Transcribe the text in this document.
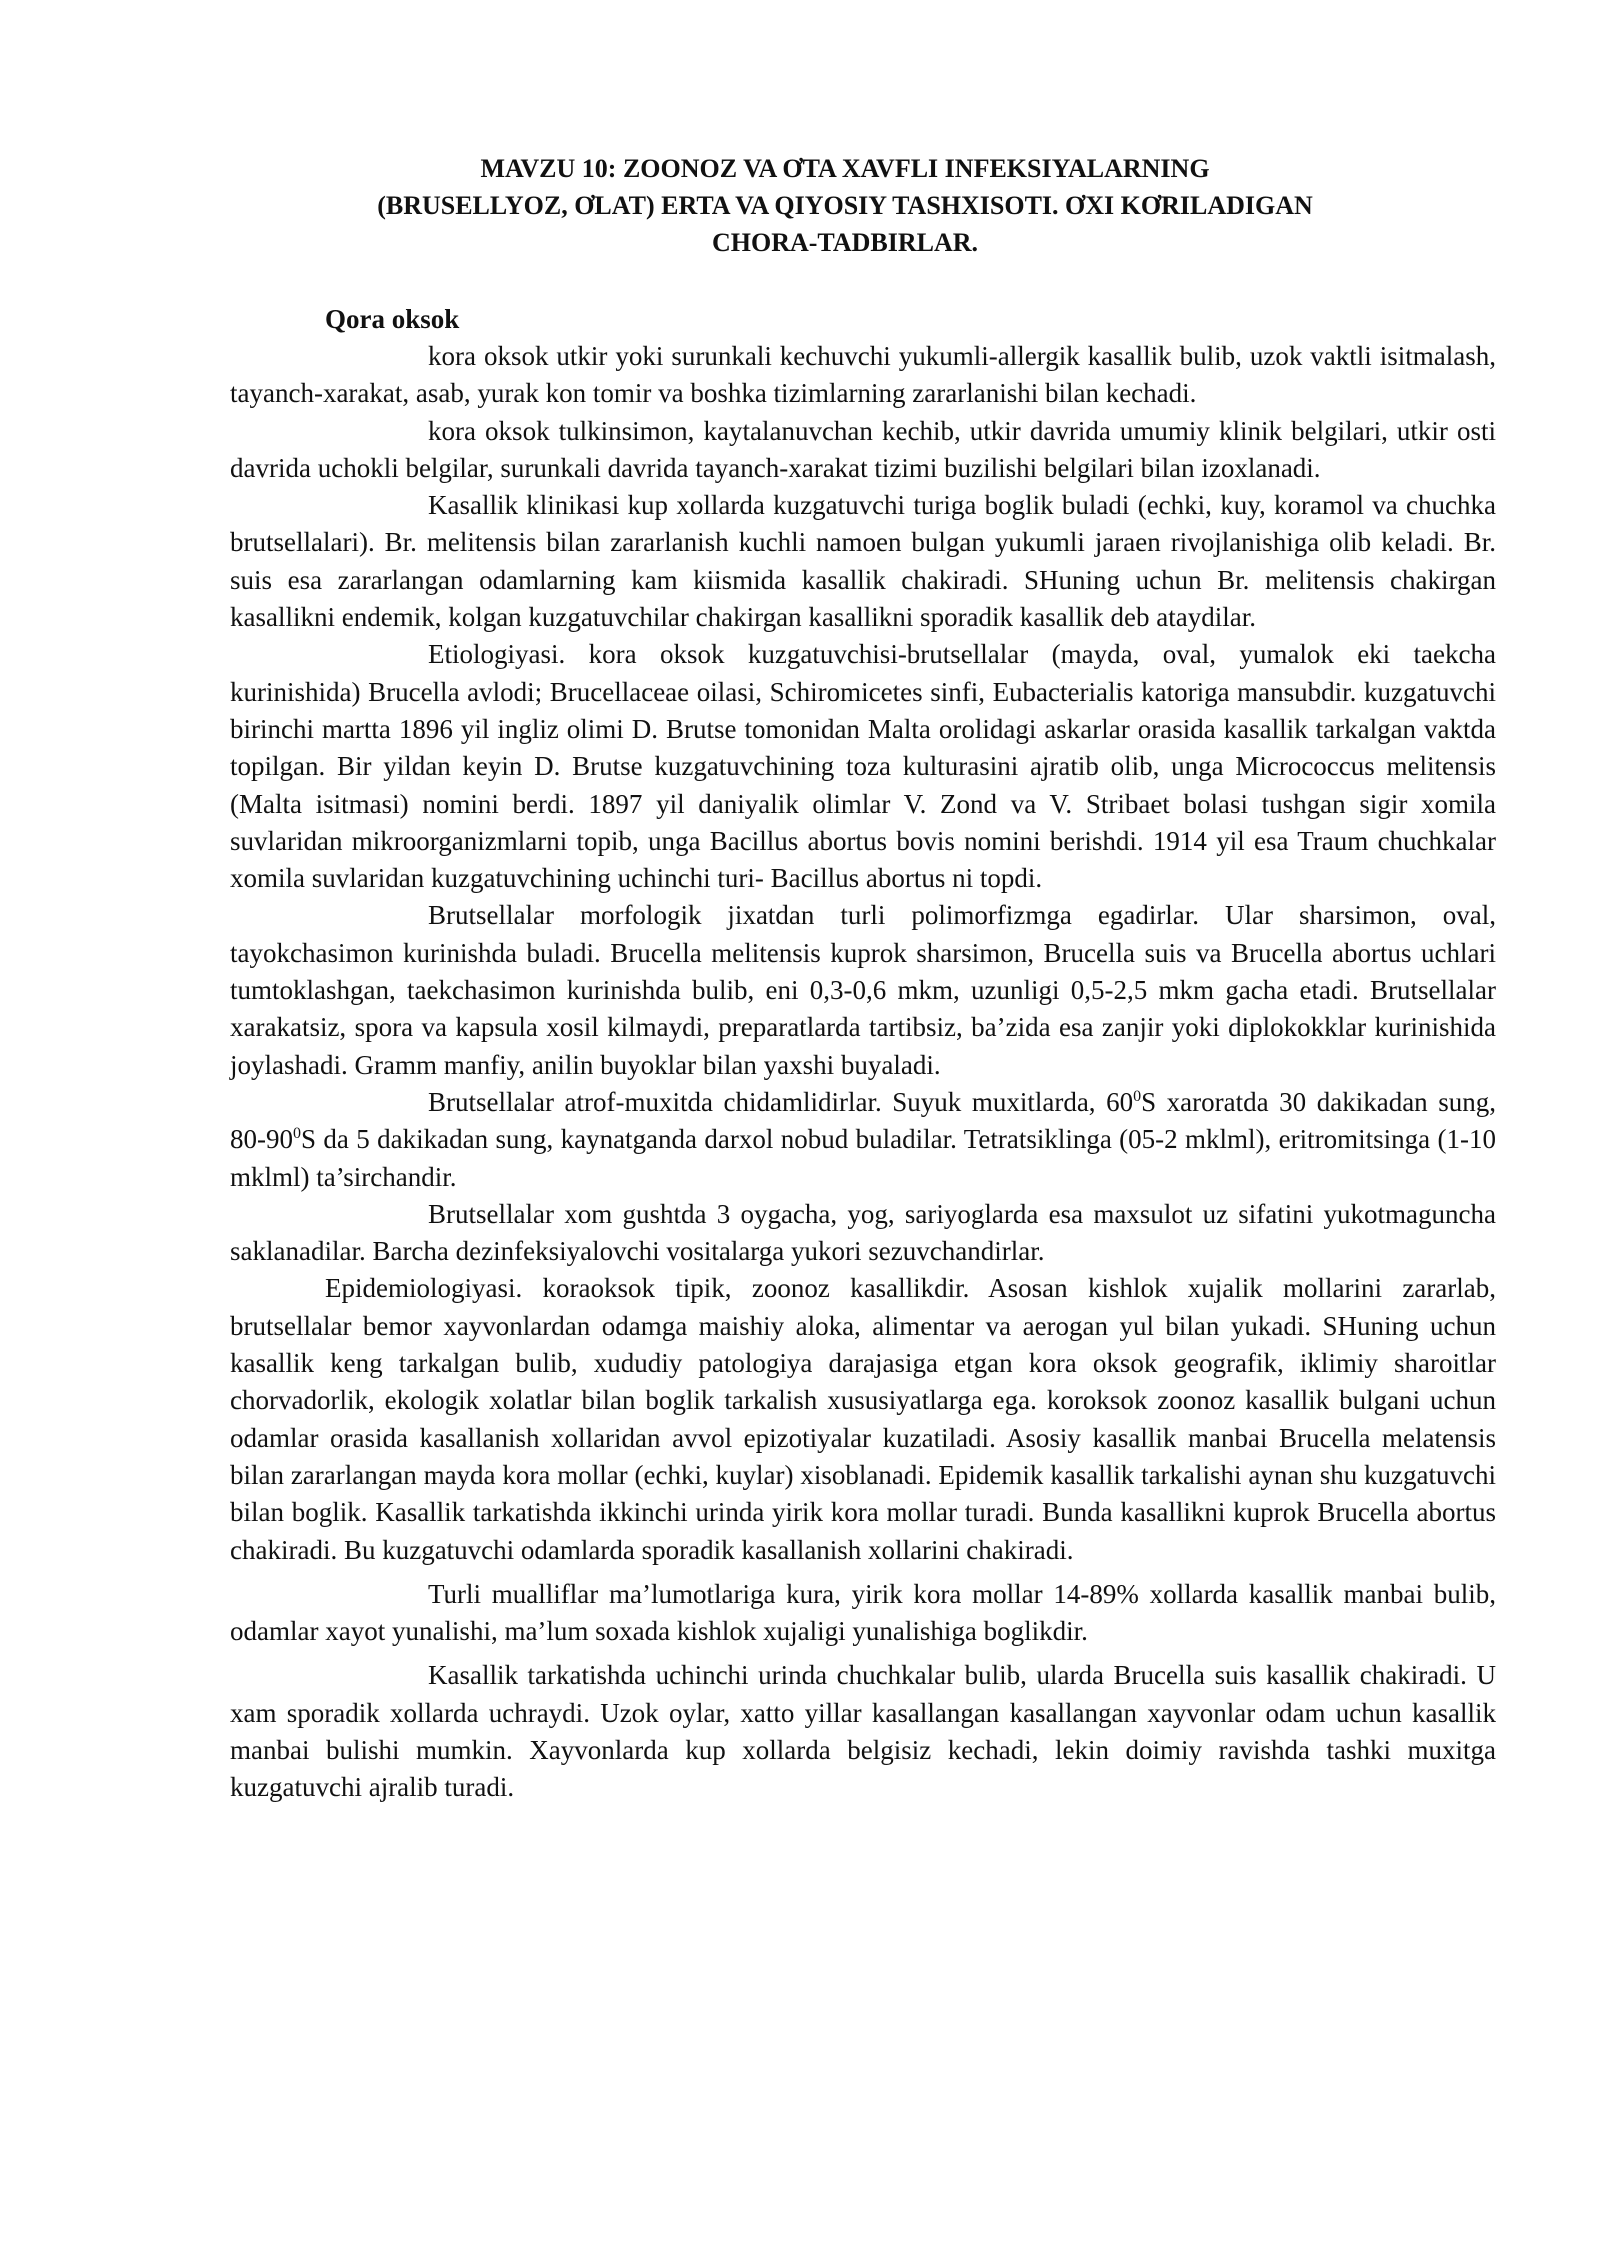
MAVZU 10: ZOONOZ VA ƠTA XAVFLI INFEKSIYALARNING
(BRUSELLYOZ, ƠLAT) ERTA VA QIYOSIY TASHXISOTI. ƠXI KƠRILADIGAN
CHORA-TADBIRLAR.
Qora oksok

kora oksok utkir yoki surunkali kechuvchi yukumli-allergik kasallik bulib, uzok vaktli isitmalash, tayanch-xarakat, asab, yurak kon tomir va boshka tizimlarning zararlanishi bilan kechadi.

kora oksok tulkinsimon, kaytalanuvchan kechib, utkir davrida umumiy klinik belgilari, utkir osti davrida uchokli belgilar, surunkali davrida tayanch-xarakat tizimi buzilishi belgilari bilan izoxlanadi.

Kasallik klinikasi kup xollarda kuzgatuvchi turiga boglik buladi (echki, kuy, koramol va chuchka brutsellalari). Br. melitensis bilan zararlanish kuchli namoen bulgan yukumli jaraen rivojlanishiga olib keladi. Br. suis esa zararlangan odamlarning kam kiismida kasallik chakiradi. SHuning uchun Br. melitensis chakirgan kasallikni endemik, kolgan kuzgatuvchilar chakirgan kasallikni sporadik kasallik deb ataydilar.

Etiologiyasi. kora oksok kuzgatuvchisi-brutsellalar (mayda, oval, yumalok eki taekcha kurinishida) Brucella avlodi; Brucellaceae oilasi, Schiromicetes sinfi, Eubacterialis katoriga mansubdir. kuzgatuvchi birinchi martta 1896 yil ingliz olimi D. Brutse tomonidan Malta orolidagi askarlar orasida kasallik tarkalgan vaktda topilgan. Bir yildan keyin D. Brutse kuzgatuvchining toza kulturasini ajratib olib, unga Micrococcus melitensis (Malta isitmasi) nomini berdi. 1897 yil daniyalik olimlar V. Zond va V. Stribaet bolasi tushgan sigir xomila suvlaridan mikroorganizmlarni topib, unga Bacillus abortus bovis nomini berishdi. 1914 yil esa Traum chuchkalar xomila suvlaridan kuzgatuvchining uchinchi turi- Bacillus abortus ni topdi.

Brutsellalar morfologik jixatdan turli polimorfizmga egadirlar. Ular sharsimon, oval, tayokchasimon kurinishda buladi. Brucella melitensis kuprok sharsimon, Brucella suis va Brucella abortus uchlari tumtoklashgan, taekchasimon kurinishda bulib, eni 0,3-0,6 mkm, uzunligi 0,5-2,5 mkm gacha etadi. Brutsellalar xarakatsiz, spora va kapsula xosil kilmaydi, preparatlarda tartibsiz, ba’zida esa zanjir yoki diplokokklar kurinishida joylashadi. Gramm manfiy, anilin buyoklar bilan yaxshi buyaladi.

Brutsellalar atrof-muxitda chidamlidirlar. Suyuk muxitlarda, $60^0S$ xaroratda 30 dakikadan sung, $80-90^0S$ da 5 dakikadan sung, kaynatganda darxol nobud buladilar. Tetratsiklinga (05-2 mklml), eritromitsinga (1-10 mklml) ta’sirchandir.

Brutsellalar xom gushtda 3 oygacha, yog, sariyoglarda esa maxsulot uz sifatini yukotmaguncha saklanadilar. Barcha dezinfeksiyalovchi vositalarga yukori sezuvchandirlar.

Epidemiologiyasi. koraoksok tipik, zoonoz kasallikdir. Asosan kishlok xujalik mollarini zararlab, brutsellalar bemor xayvonlardan odamga maishiy aloka, alimentar va aerogan yul bilan yukadi. SHuning uchun kasallik keng tarkalgan bulib, xududiy patologiya darajasiga etgan kora oksok geografik, iklimiy sharoitlar chorvadorlik, ekologik xolatlar bilan boglik tarkalish xususiyatlarga ega. koroksok zoonoz kasallik bulgani uchun odamlar orasida kasallanish xollaridan avvol epizotiyalar kuzatiladi. Asosiy kasallik manbai Brucella melatensis bilan zararlangan mayda kora mollar (echki, kuylar) xisoblanadi. Epidemik kasallik tarkalishi aynan shu kuzgatuvchi bilan boglik. Kasallik tarkatishda ikkinchi urinda yirik kora mollar turadi. Bunda kasallikni kuprok Brucella abortus chakiradi. Bu kuzgatuvchi odamlarda sporadik kasallanish xollarini chakiradi.

Turli mualliflar ma’lumotlariga kura, yirik kora mollar 14-89% xollarda kasallik manbai bulib, odamlar xayot yunalishi, ma’lum soxada kishlok xujaligi yunalishiga boglikdir.

Kasallik tarkatishda uchinchi urinda chuchkalar bulib, ularda Brucella suis kasallik chakiradi. U xam sporadik xollarda uchraydi. Uzok oylar, xatto yillar kasallangan kasallangan xayvonlar odam uchun kasallik manbai bulishi mumkin. Xayvonlarda kup xollarda belgisiz kechadi, lekin doimiy ravishda tashki muxitga kuzgatuvchi ajralib turadi.
